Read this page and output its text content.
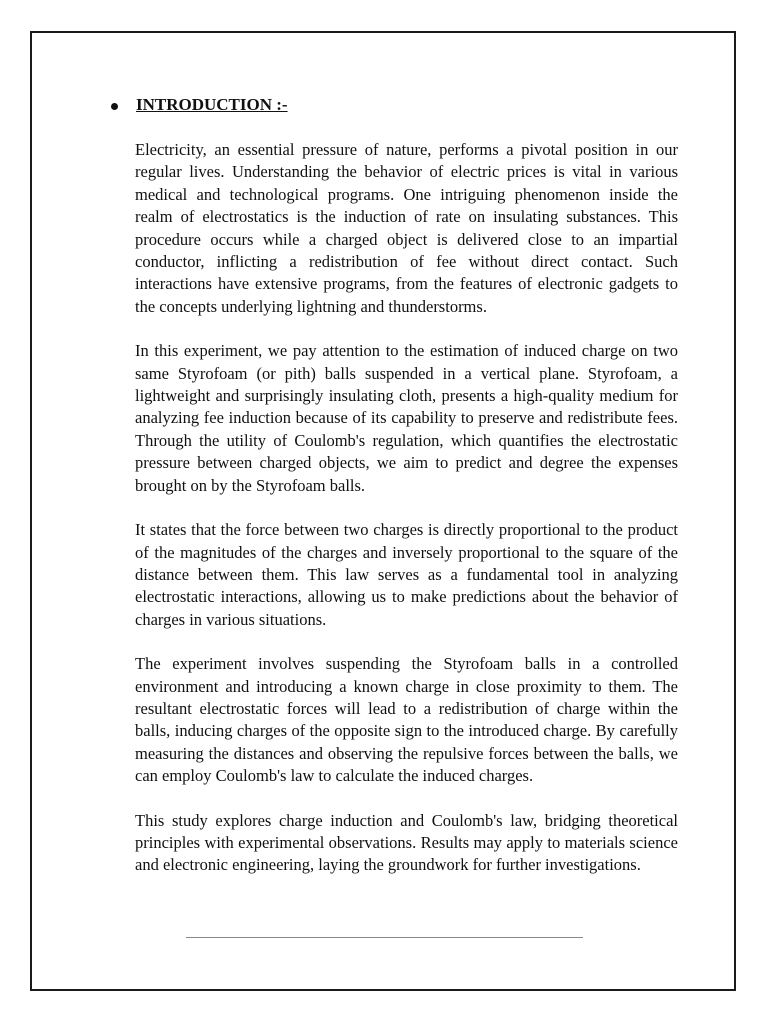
INTRODUCTION :-

Electricity, an essential pressure of nature, performs a pivotal position in our regular lives. Understanding the behavior of electric prices is vital in various medical and technological programs. One intriguing phenomenon inside the realm of electrostatics is the induction of rate on insulating substances. This procedure occurs while a charged object is delivered close to an impartial conductor, inflicting a redistribution of fee without direct contact. Such interactions have extensive programs, from the features of electronic gadgets to the concepts underlying lightning and thunderstorms.

In this experiment, we pay attention to the estimation of induced charge on two same Styrofoam (or pith) balls suspended in a vertical plane. Styrofoam, a lightweight and surprisingly insulating cloth, presents a high-quality medium for analyzing fee induction because of its capability to preserve and redistribute fees. Through the utility of Coulomb's regulation, which quantifies the electrostatic pressure between charged objects, we aim to predict and degree the expenses brought on by the Styrofoam balls.

It states that the force between two charges is directly proportional to the product of the magnitudes of the charges and inversely proportional to the square of the distance between them. This law serves as a fundamental tool in analyzing electrostatic interactions, allowing us to make predictions about the behavior of charges in various situations.

The experiment involves suspending the Styrofoam balls in a controlled environment and introducing a known charge in close proximity to them. The resultant electrostatic forces will lead to a redistribution of charge within the balls, inducing charges of the opposite sign to the introduced charge. By carefully measuring the distances and observing the repulsive forces between the balls, we can employ Coulomb's law to calculate the induced charges.

This study explores charge induction and Coulomb's law, bridging theoretical principles with experimental observations. Results may apply to materials science and electronic engineering, laying the groundwork for further investigations.
